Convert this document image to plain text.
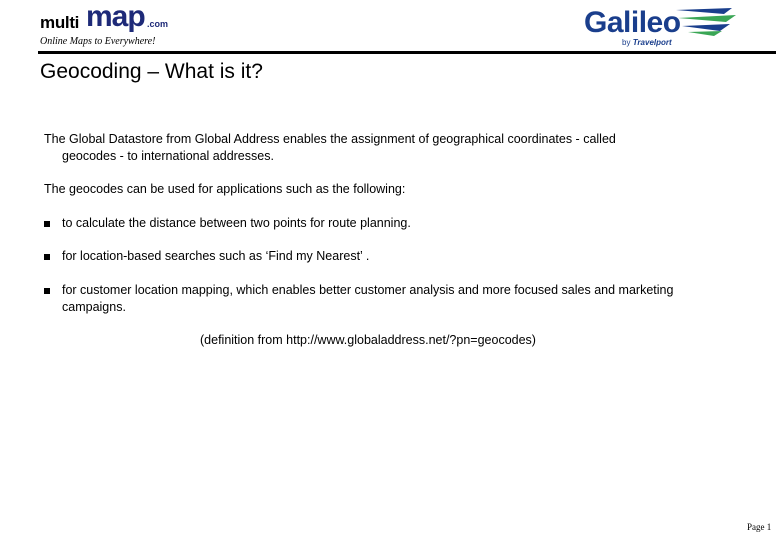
multi map .com
Online Maps to Everywhere!
Galileo
by Travelport
Geocoding – What is it?
The Global Datastore from Global Address enables the assignment of geographical coordinates - called
geocodes - to international addresses.
The geocodes can be used for applications such as the following:
to calculate the distance between two points for route planning.
for location-based searches such as ‘Find my Nearest’ .
for customer location mapping, which enables better customer analysis and more focused sales and marketing campaigns.
(definition from http://www.globaladdress.net/?pn=geocodes)
Page 1
